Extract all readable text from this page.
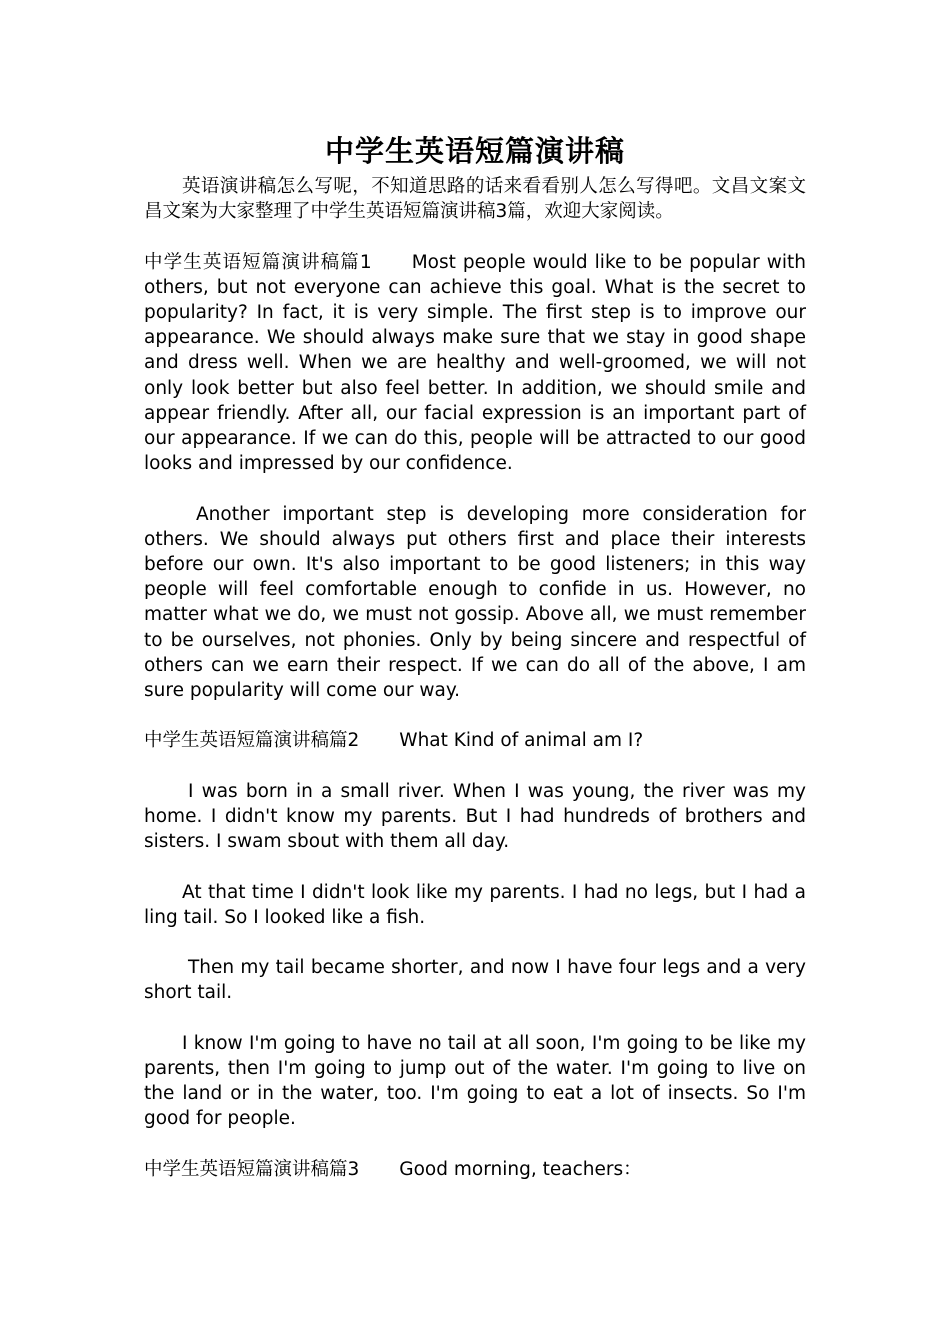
中学生英语短篇演讲稿

英语演讲稿怎么写呢，不知道思路的话来看看别人怎么写得吧。文昌文案文昌文案为大家整理了中学生英语短篇演讲稿3篇，欢迎大家阅读。

中学生英语短篇演讲稿篇1 Most people would like to be popular with others, but not everyone can achieve this goal. What is the secret to popularity? In fact, it is very simple. The first step is to improve our appearance. We should always make sure that we stay in good shape and dress well. When we are healthy and well-groomed, we will not only look better but also feel better. In addition, we should smile and appear friendly. After all, our facial expression is an important part of our appearance. If we can do this, people will be attracted to our good looks and impressed by our confidence.

Another important step is developing more consideration for others. We should always put others first and place their interests before our own. It's also important to be good listeners; in this way people will feel comfortable enough to confide in us. However, no matter what we do, we must not gossip. Above all, we must remember to be ourselves, not phonies. Only by being sincere and respectful of others can we earn their respect. If we can do all of the above, I am sure popularity will come our way.

中学生英语短篇演讲稿篇2 What Kind of animal am I?

I was born in a small river. When I was young, the river was my home. I didn't know my parents. But I had hundreds of brothers and sisters. I swam sbout with them all day.

At that time I didn't look like my parents. I had no legs, but I had a ling tail. So I looked like a fish.

Then my tail became shorter, and now I have four legs and a very short tail.

I know I'm going to have no tail at all soon, I'm going to be like my parents, then I'm going to jump out of the water. I'm going to live on the land or in the water, too. I'm going to eat a lot of insects. So I'm good for people.

中学生英语短篇演讲稿篇3 Good morning, teachers：
